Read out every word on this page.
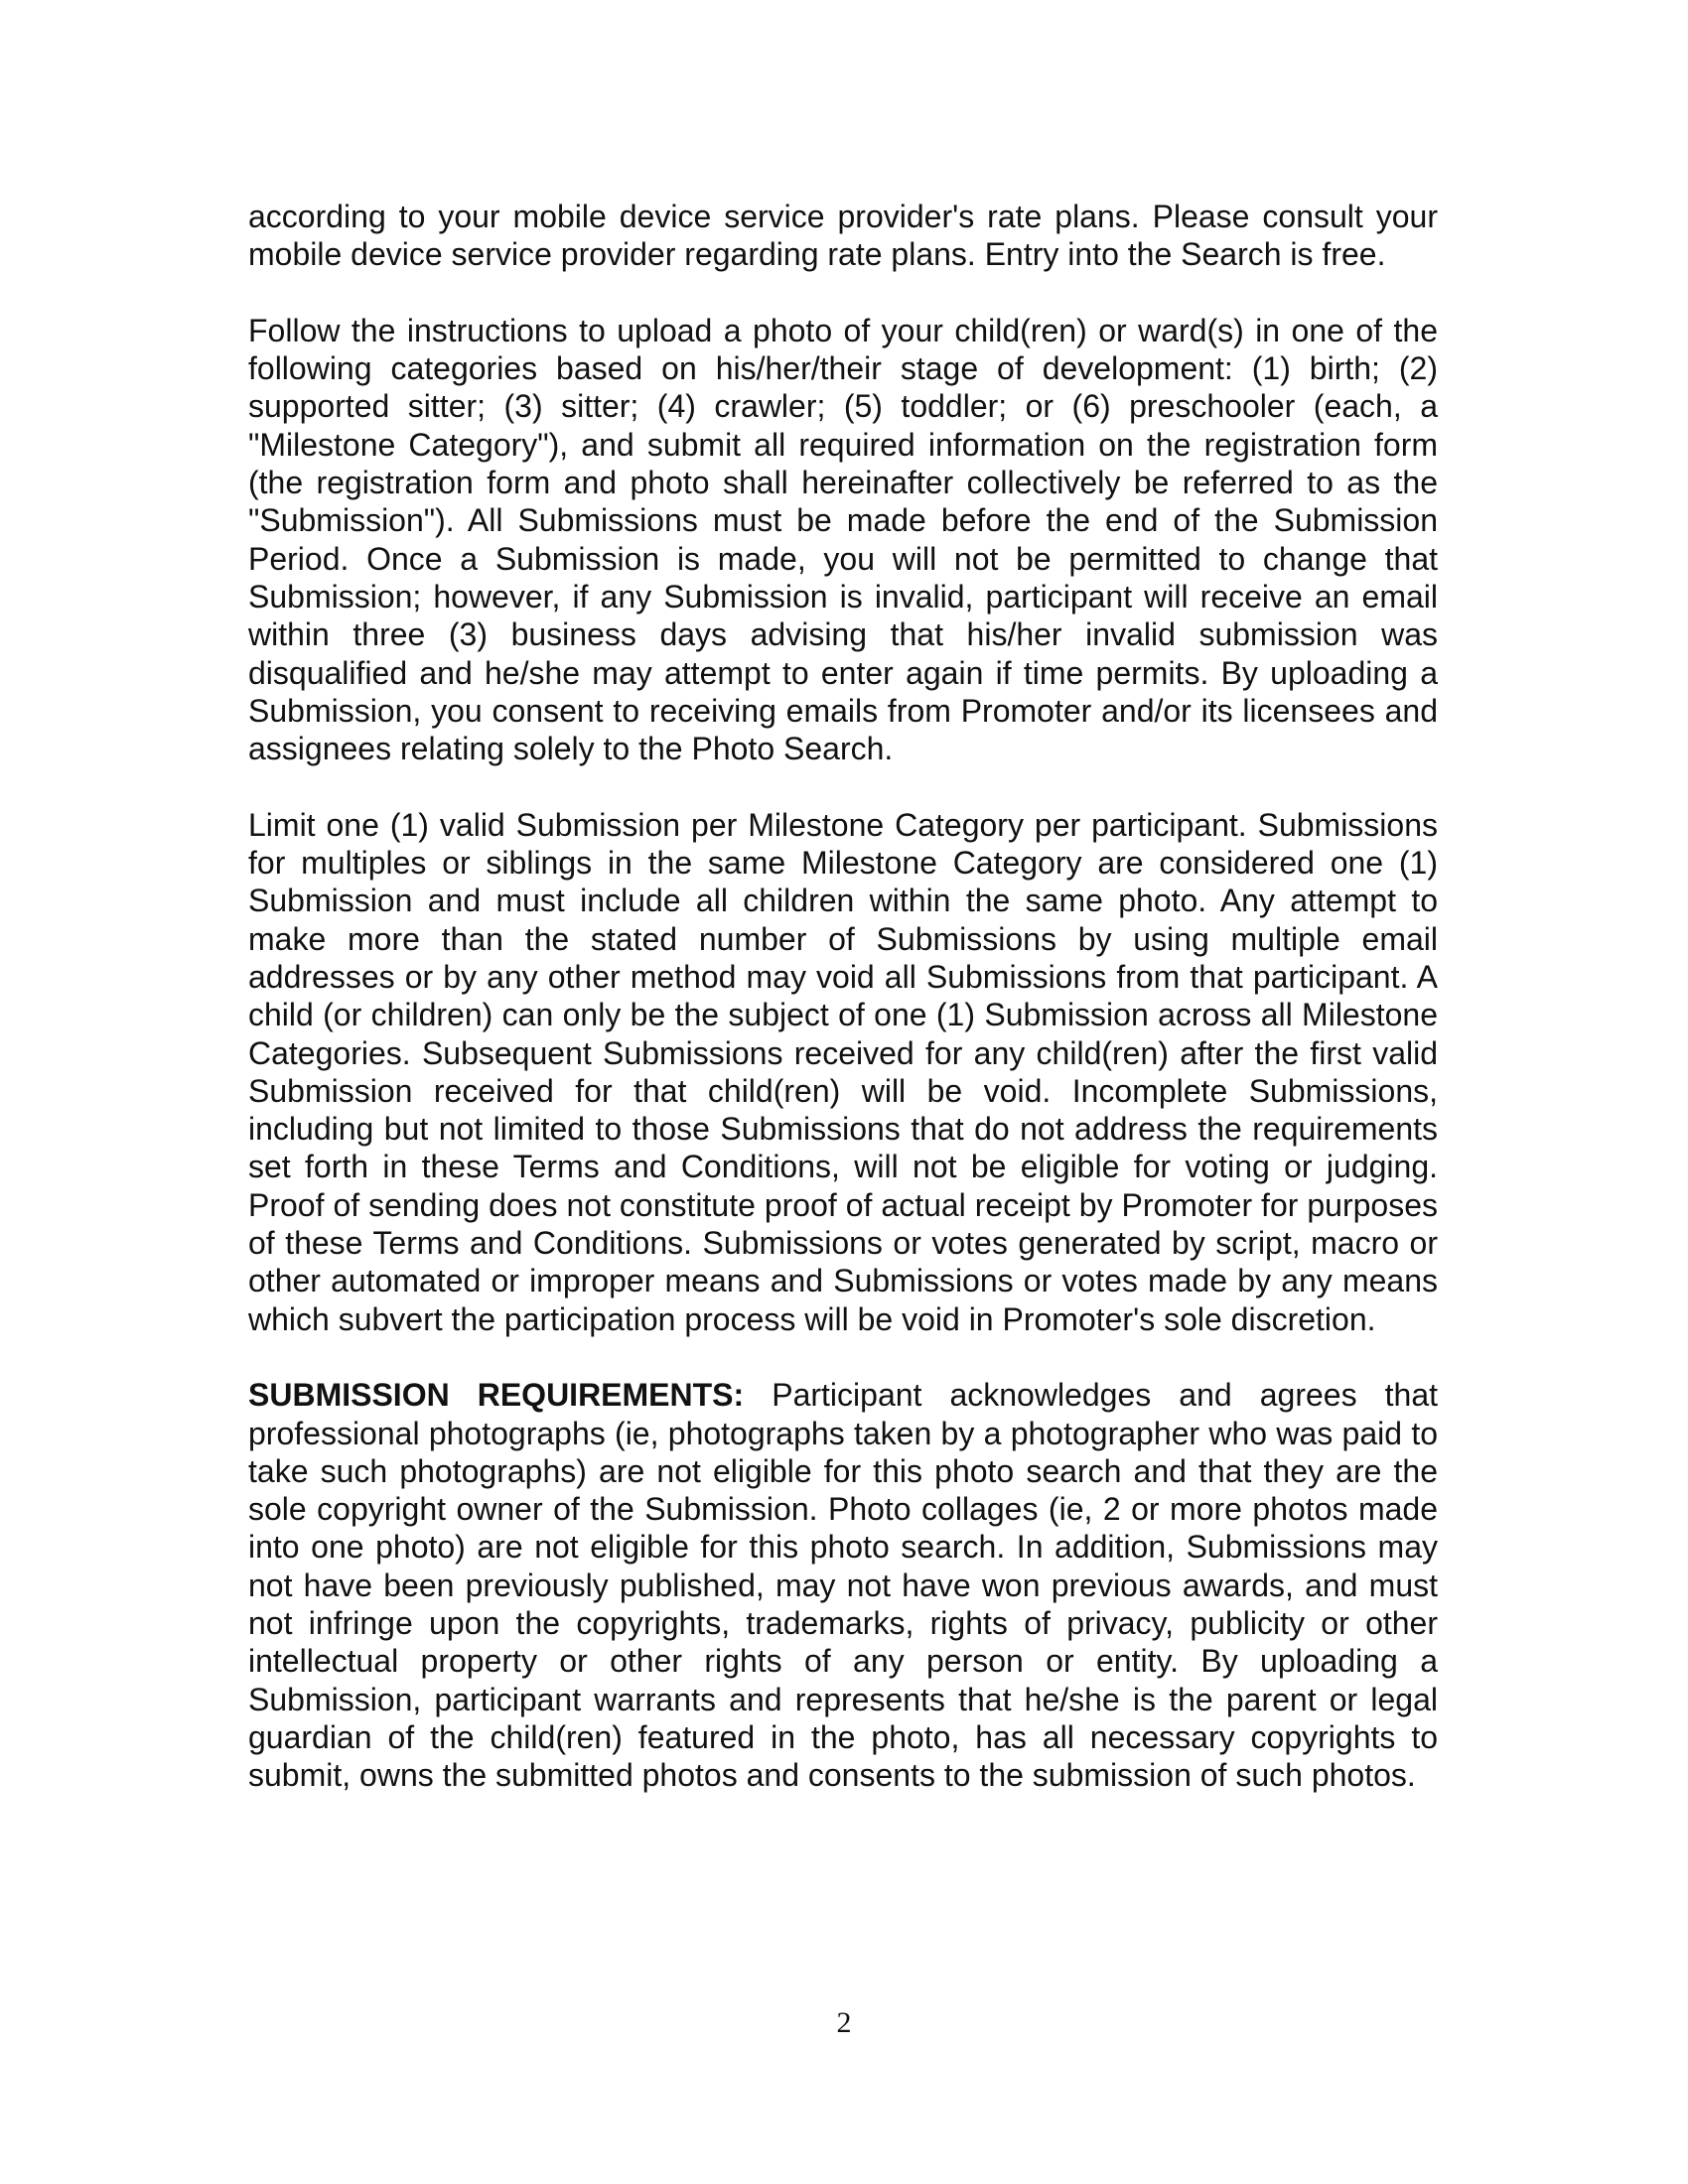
according to your mobile device service provider's rate plans. Please consult your mobile device service provider regarding rate plans. Entry into the Search is free.

Follow the instructions to upload a photo of your child(ren) or ward(s) in one of the following categories based on his/her/their stage of development: (1) birth; (2) supported sitter; (3) sitter; (4) crawler; (5) toddler; or (6) preschooler (each, a "Milestone Category"), and submit all required information on the registration form (the registration form and photo shall hereinafter collectively be referred to as the "Submission"). All Submissions must be made before the end of the Submission Period. Once a Submission is made, you will not be permitted to change that Submission; however, if any Submission is invalid, participant will receive an email within three (3) business days advising that his/her invalid submission was disqualified and he/she may attempt to enter again if time permits. By uploading a Submission, you consent to receiving emails from Promoter and/or its licensees and assignees relating solely to the Photo Search.

Limit one (1) valid Submission per Milestone Category per participant. Submissions for multiples or siblings in the same Milestone Category are considered one (1) Submission and must include all children within the same photo. Any attempt to make more than the stated number of Submissions by using multiple email addresses or by any other method may void all Submissions from that participant. A child (or children) can only be the subject of one (1) Submission across all Milestone Categories. Subsequent Submissions received for any child(ren) after the first valid Submission received for that child(ren) will be void. Incomplete Submissions, including but not limited to those Submissions that do not address the requirements set forth in these Terms and Conditions, will not be eligible for voting or judging. Proof of sending does not constitute proof of actual receipt by Promoter for purposes of these Terms and Conditions. Submissions or votes generated by script, macro or other automated or improper means and Submissions or votes made by any means which subvert the participation process will be void in Promoter's sole discretion.

SUBMISSION REQUIREMENTS: Participant acknowledges and agrees that professional photographs (ie, photographs taken by a photographer who was paid to take such photographs) are not eligible for this photo search and that they are the sole copyright owner of the Submission. Photo collages (ie, 2 or more photos made into one photo) are not eligible for this photo search. In addition, Submissions may not have been previously published, may not have won previous awards, and must not infringe upon the copyrights, trademarks, rights of privacy, publicity or other intellectual property or other rights of any person or entity. By uploading a Submission, participant warrants and represents that he/she is the parent or legal guardian of the child(ren) featured in the photo, has all necessary copyrights to submit, owns the submitted photos and consents to the submission of such photos.

2
